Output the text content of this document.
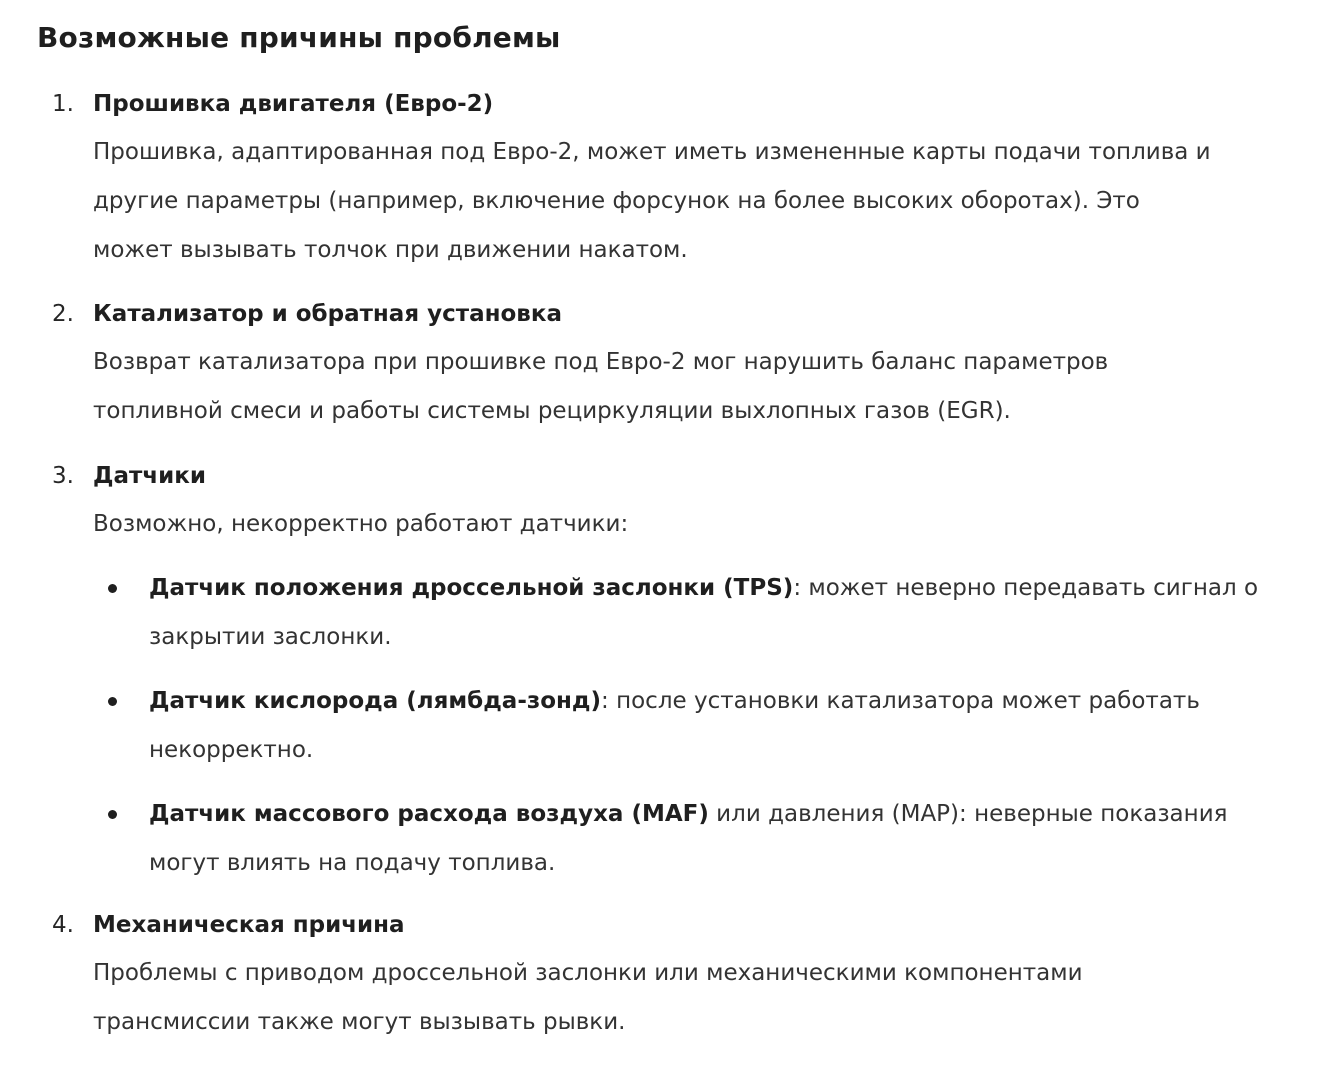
Возможные причины проблемы
1. Прошивка двигателя (Евро-2)
Прошивка, адаптированная под Евро-2, может иметь измененные карты подачи топлива и
другие параметры (например, включение форсунок на более высоких оборотах). Это
может вызывать толчок при движении накатом.
2. Катализатор и обратная установка
Возврат катализатора при прошивке под Евро-2 мог нарушить баланс параметров
топливной смеси и работы системы рециркуляции выхлопных газов (EGR).
3. Датчики
Возможно, некорректно работают датчики:
Датчик положения дроссельной заслонки (TPS): может неверно передавать сигнал о
закрытии заслонки.
Датчик кислорода (лямбда-зонд): после установки катализатора может работать
некорректно.
Датчик массового расхода воздуха (MAF) или давления (MAP): неверные показания
могут влиять на подачу топлива.
4. Механическая причина
Проблемы с приводом дроссельной заслонки или механическими компонентами
трансмиссии также могут вызывать рывки.
